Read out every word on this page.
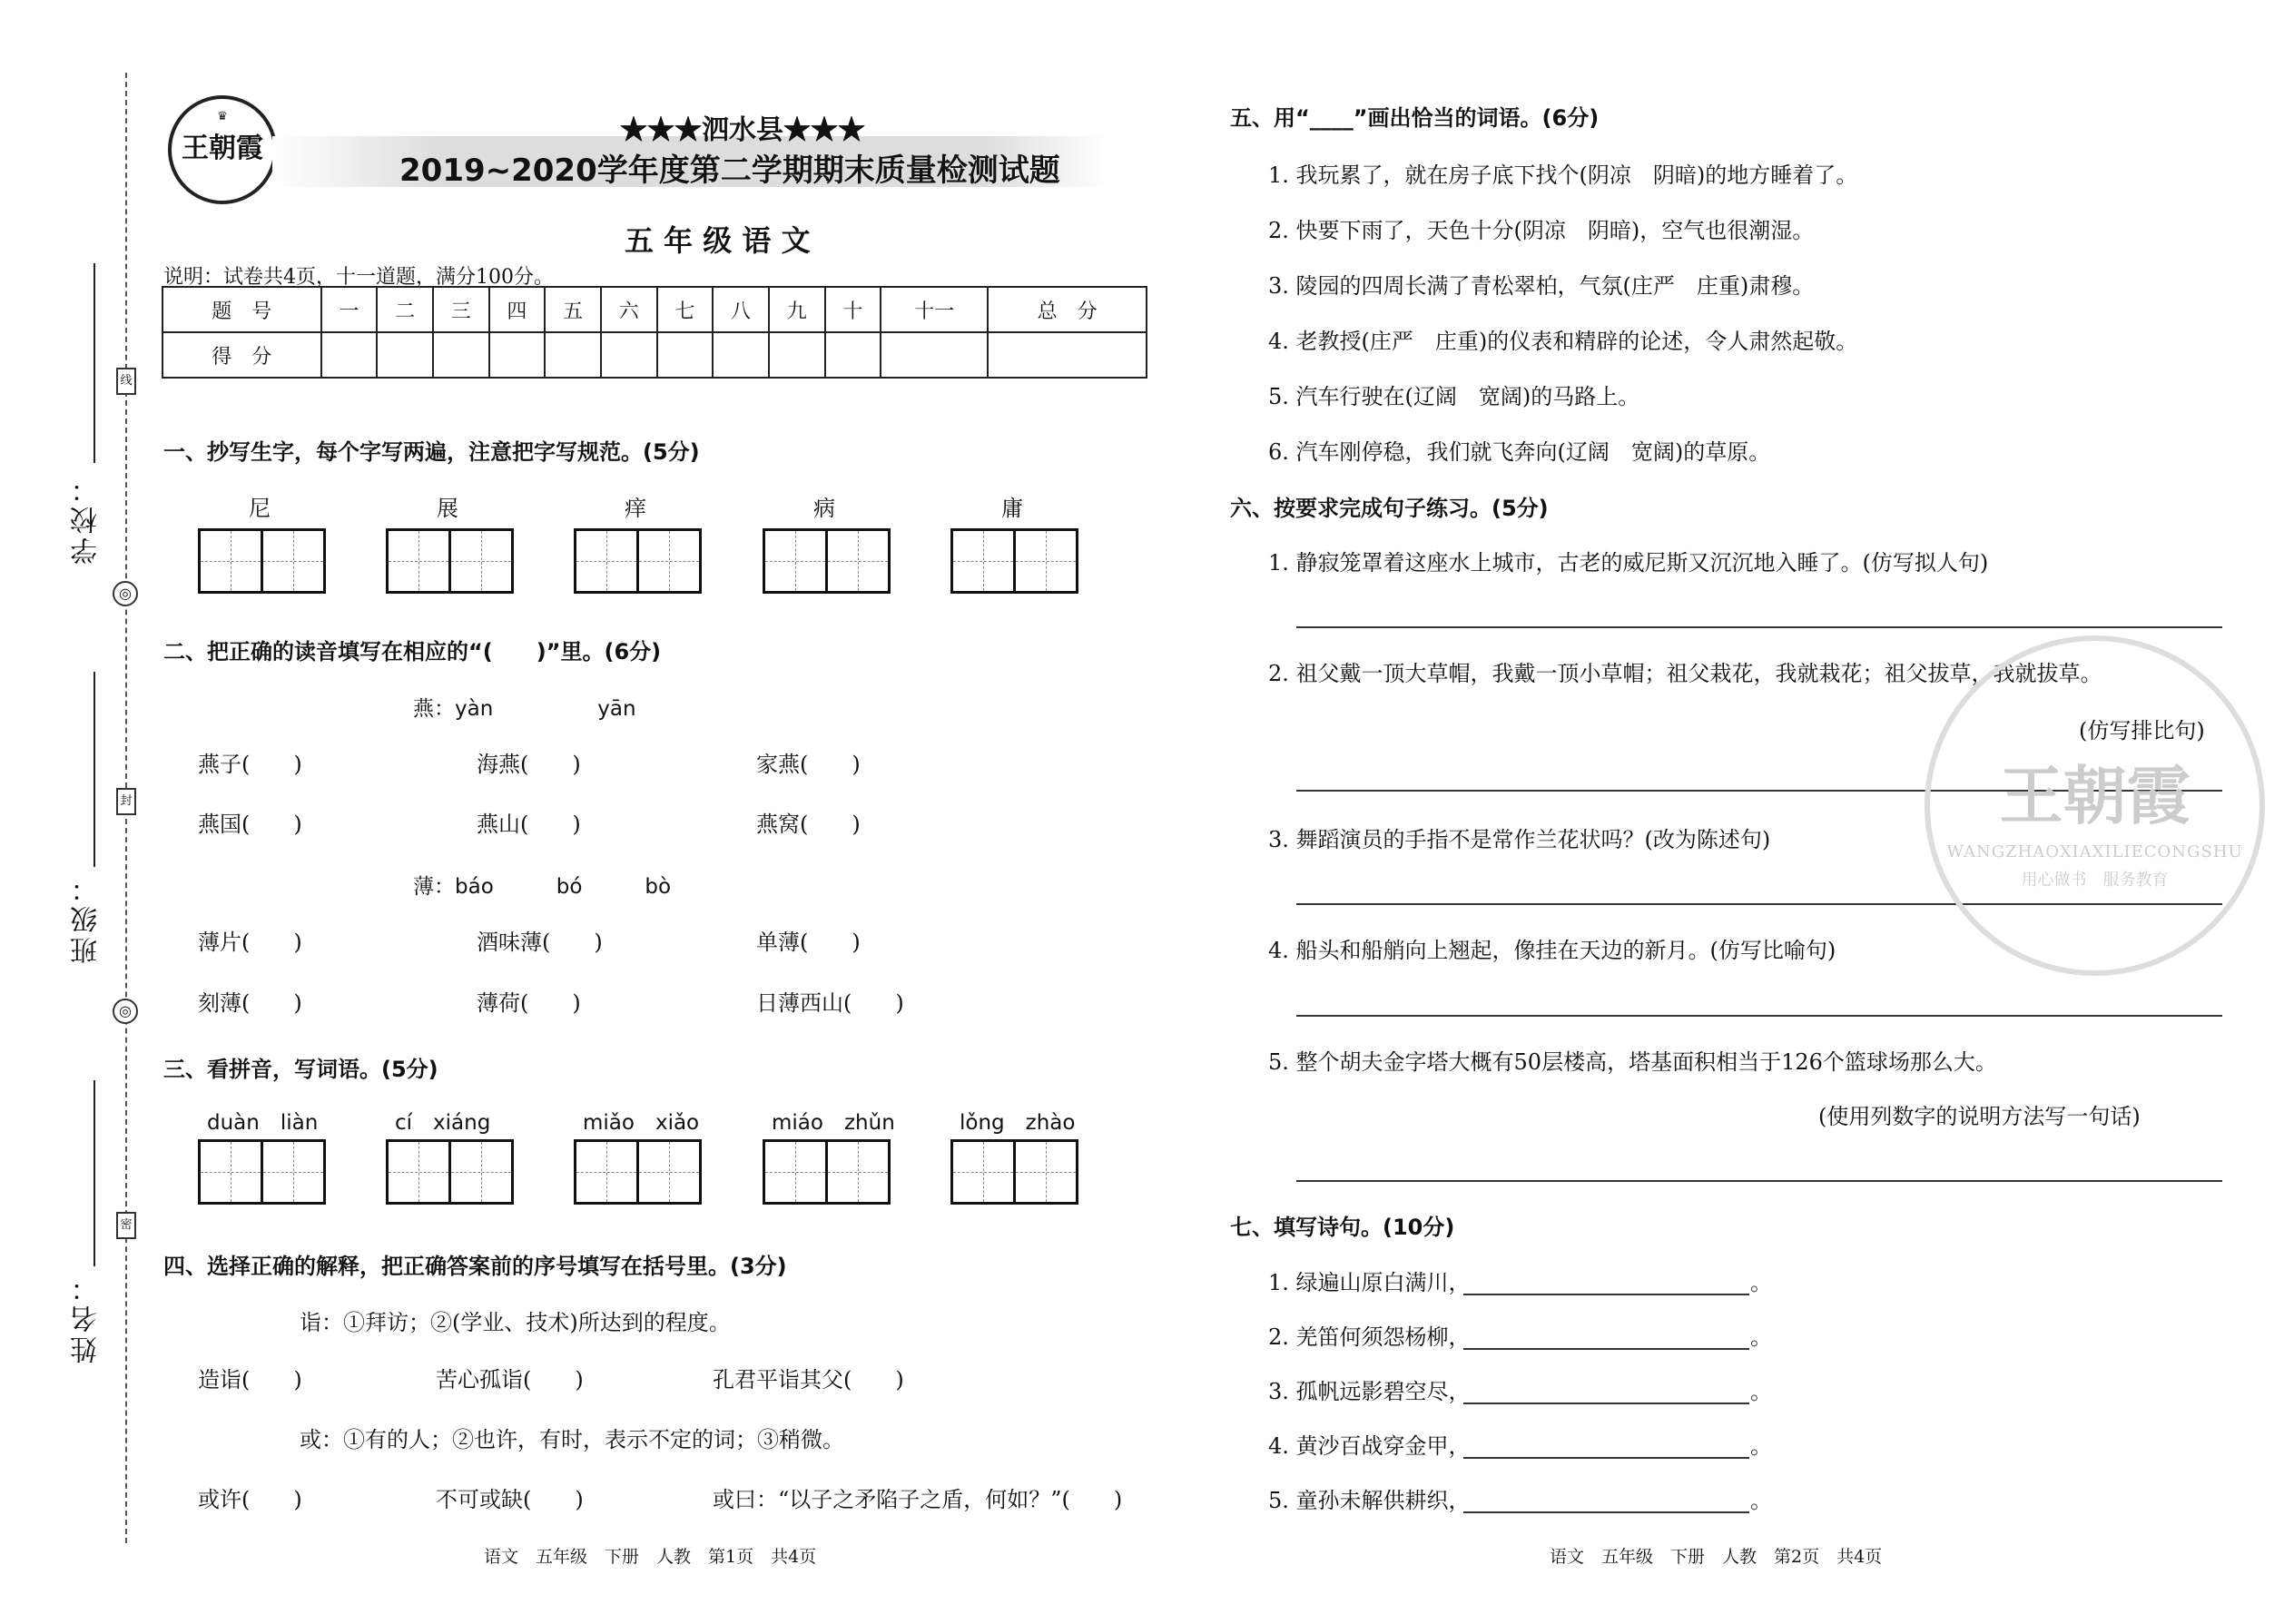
线
◎
封
◎
密
学校：
班级：
姓名：
♛
王朝霞
★★★泗水县★★★
2019~2020学年度第二学期期末质量检测试题
五 年 级 语 文
说明：试卷共4页，十一道题，满分100分。
题　号	一	二	三	四	五	六	七	八	九	十	十一	总　分
得　分												
一、抄写生字，每个字写两遍，注意把字写规范。(5分)
尼	展	痒	病	庸
二、把正确的读音填写在相应的“(　　)”里。(6分)
燕：yàn　　　　　yān
燕子(　　)	海燕(　　)	家燕(　　)
燕国(　　)	燕山(　　)	燕窝(　　)
薄：báo　　　bó　　　bò
薄片(　　)	酒味薄(　　)	单薄(　　)
刻薄(　　)	薄荷(　　)	日薄西山(　　)
三、看拼音，写词语。(5分)
duàn　liàn	cí　xiáng	miǎo　xiǎo	miáo　zhǔn	lǒng　zhào
四、选择正确的解释，把正确答案前的序号填写在括号里。(3分)
诣：①拜访；②(学业、技术)所达到的程度。
造诣(　　)	苦心孤诣(　　)	孔君平诣其父(　　)
或：①有的人；②也许，有时，表示不定的词；③稍微。
或许(　　)	不可或缺(　　)	或曰：“以子之矛陷子之盾，何如？”(　　)
语文　五年级　下册　人教　第1页　共4页
五、用“____”画出恰当的词语。(6分)
1. 我玩累了，就在房子底下找个(阴凉　阴暗)的地方睡着了。
2. 快要下雨了，天色十分(阴凉　阴暗)，空气也很潮湿。
3. 陵园的四周长满了青松翠柏，气氛(庄严　庄重)肃穆。
4. 老教授(庄严　庄重)的仪表和精辟的论述，令人肃然起敬。
5. 汽车行驶在(辽阔　宽阔)的马路上。
6. 汽车刚停稳，我们就飞奔向(辽阔　宽阔)的草原。
六、按要求完成句子练习。(5分)
1. 静寂笼罩着这座水上城市，古老的威尼斯又沉沉地入睡了。(仿写拟人句)
2. 祖父戴一顶大草帽，我戴一顶小草帽；祖父栽花，我就栽花；祖父拔草，我就拔草。
(仿写排比句)
3. 舞蹈演员的手指不是常作兰花状吗？(改为陈述句)
4. 船头和船艄向上翘起，像挂在天边的新月。(仿写比喻句)
5. 整个胡夫金字塔大概有50层楼高，塔基面积相当于126个篮球场那么大。
(使用列数字的说明方法写一句话)
七、填写诗句。(10分)
1. 绿遍山原白满川，	。
2. 羌笛何须怨杨柳，	。
3. 孤帆远影碧空尽，	。
4. 黄沙百战穿金甲，	。
5. 童孙未解供耕织，	。
王朝霞
WANGZHAOXIAXILIECONGSHU
用心做书　服务教育
语文　五年级　下册　人教　第2页　共4页
